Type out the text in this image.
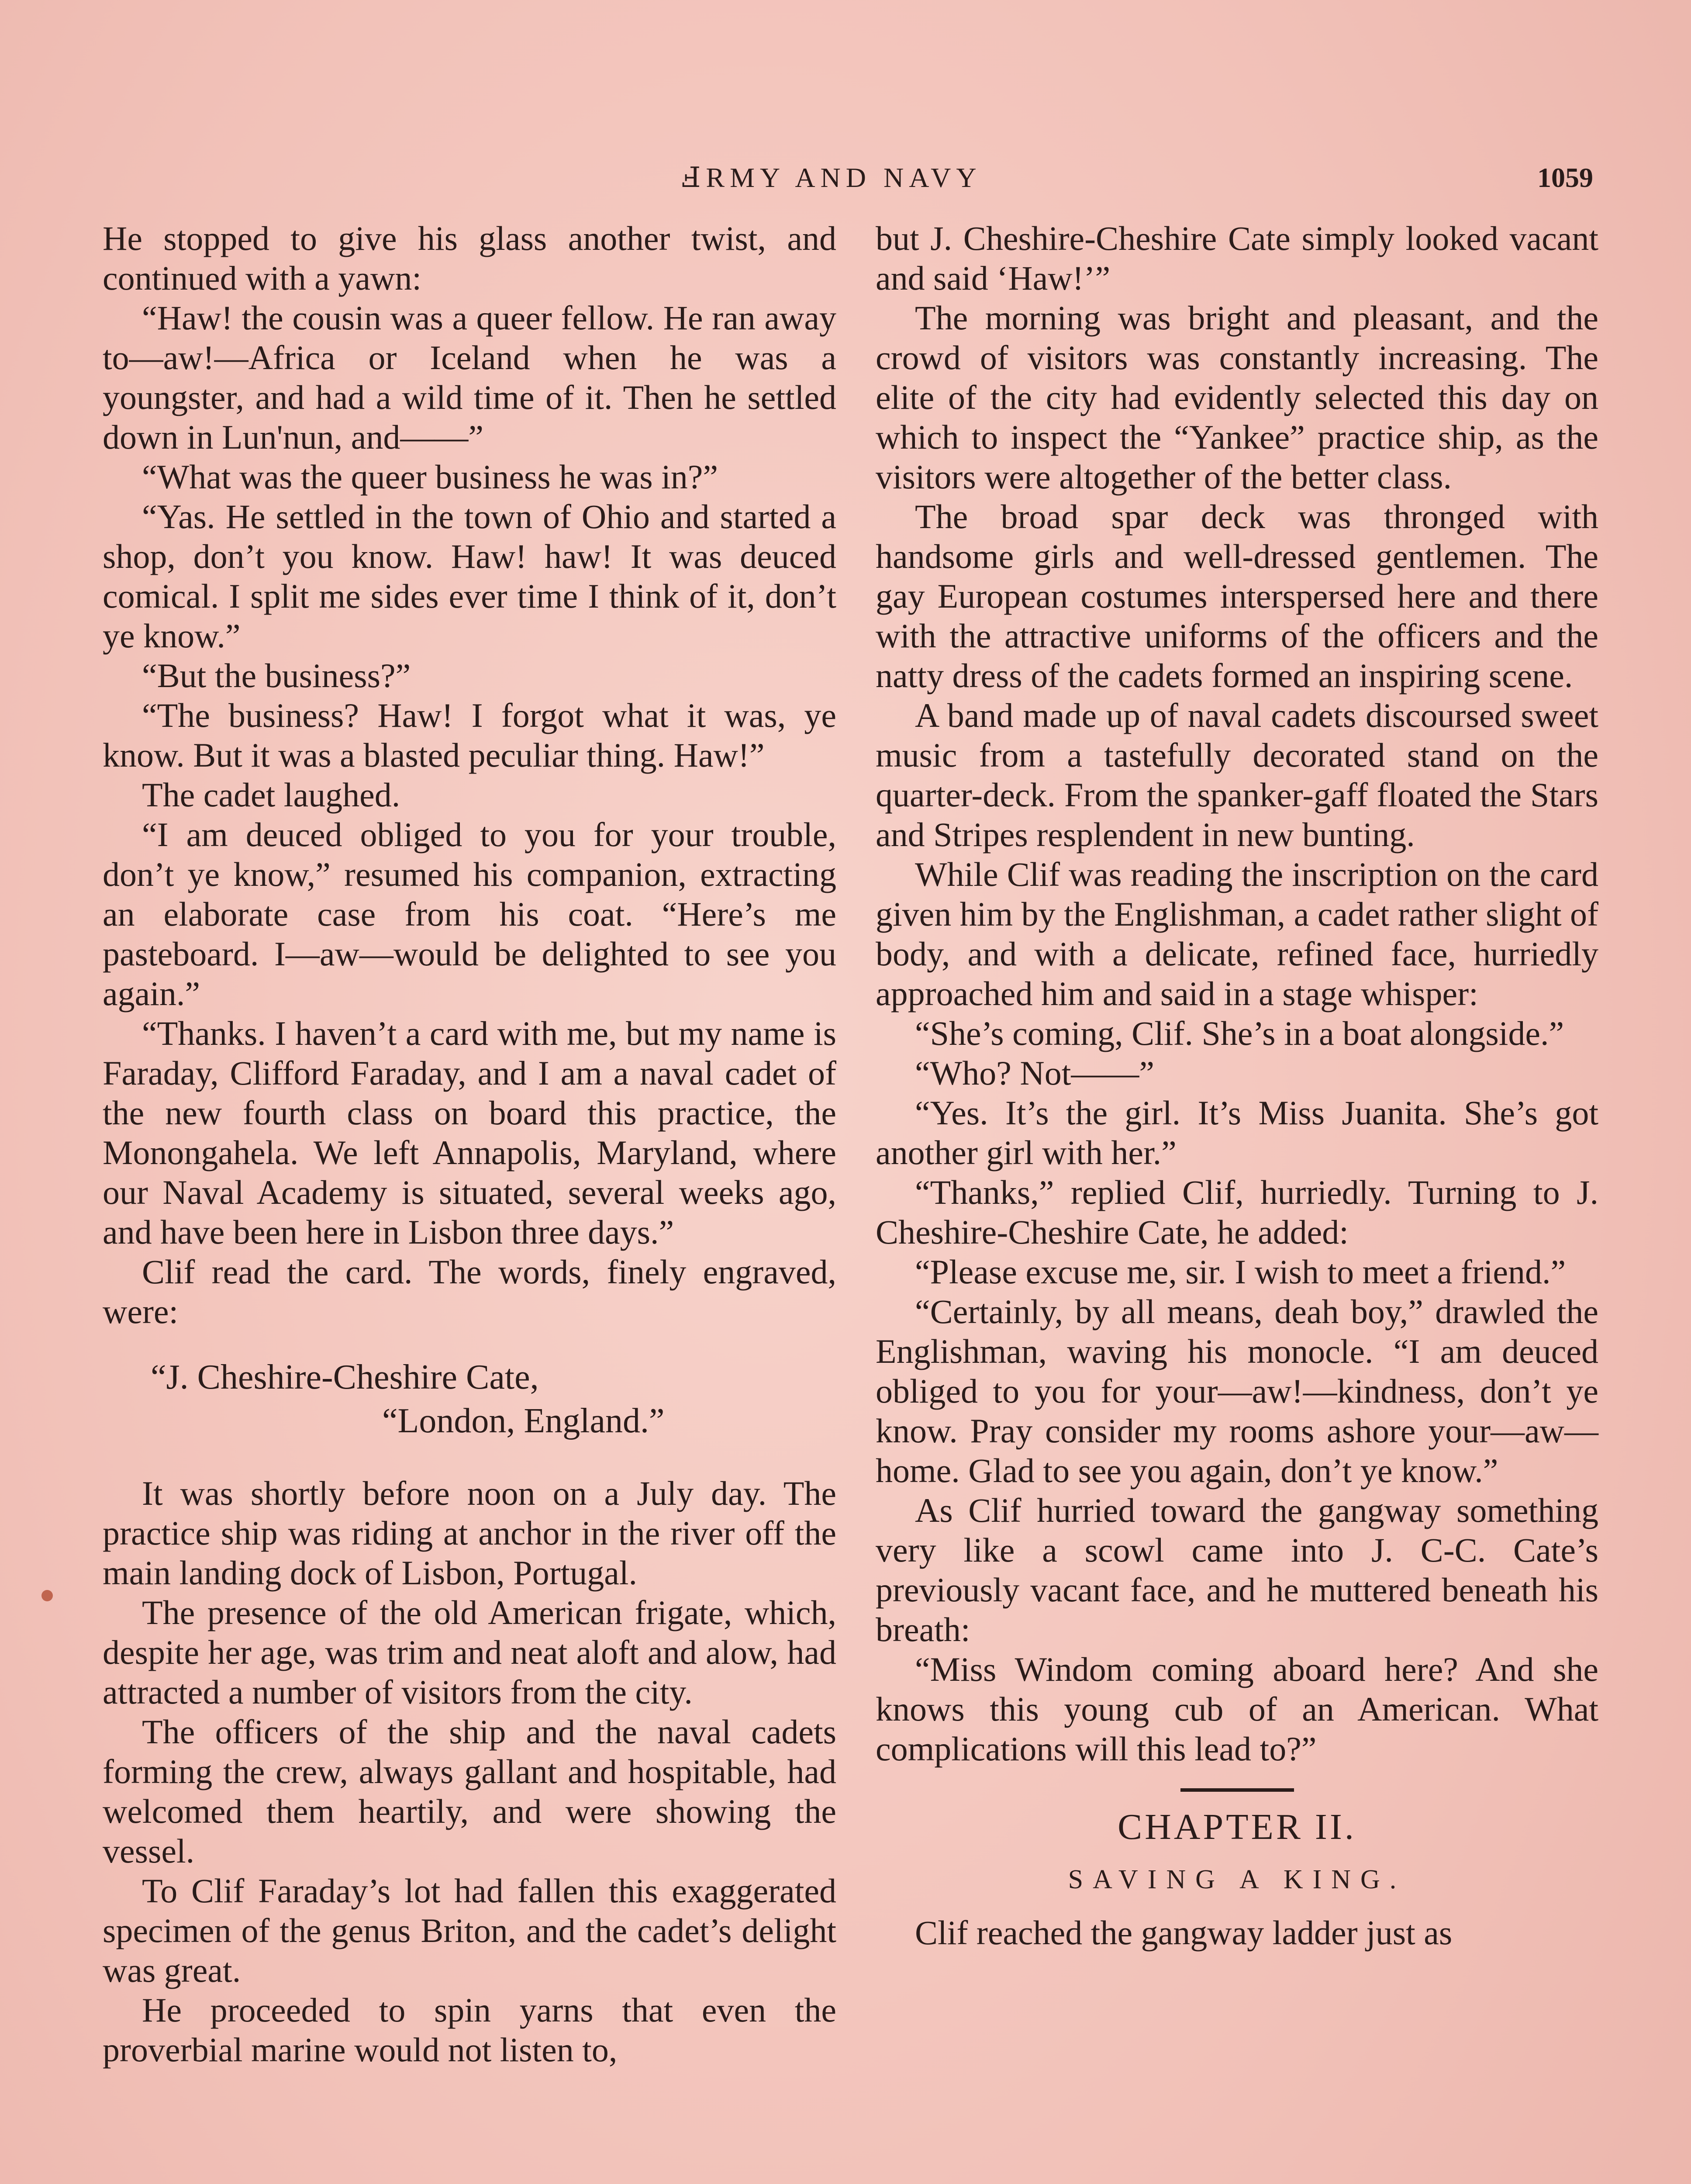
ℲRMY AND NAVY	1059

He stopped to give his glass another twist, and continued with a yawn:

“Haw! the cousin was a queer fellow. He ran away to—aw!—Africa or Iceland when he was a youngster, and had a wild time of it. Then he settled down in Lun'nun, and——”

“What was the queer business he was in?”

“Yas. He settled in the town of Ohio and started a shop, don’t you know. Haw! haw! It was deuced comical. I split me sides ever time I think of it, don’t ye know.”

“But the business?”

“The business? Haw! I forgot what it was, ye know. But it was a blasted peculiar thing. Haw!”

The cadet laughed.

“I am deuced obliged to you for your trouble, don’t ye know,” resumed his companion, extracting an elaborate case from his coat. “Here’s me pasteboard. I—aw—would be delighted to see you again.”

“Thanks. I haven’t a card with me, but my name is Faraday, Clifford Faraday, and I am a naval cadet of the new fourth class on board this practice, the Monongahela. We left Annapolis, Maryland, where our Naval Academy is situated, several weeks ago, and have been here in Lisbon three days.”

Clif read the card. The words, finely engraved, were:

“J. Cheshire-Cheshire Cate,
“London, England.”

It was shortly before noon on a July day. The practice ship was riding at anchor in the river off the main landing dock of Lisbon, Portugal.

The presence of the old American frigate, which, despite her age, was trim and neat aloft and alow, had attracted a number of visitors from the city.

The officers of the ship and the naval cadets forming the crew, always gallant and hospitable, had welcomed them heartily, and were showing the vessel.

To Clif Faraday’s lot had fallen this exaggerated specimen of the genus Briton, and the cadet’s delight was great.

He proceeded to spin yarns that even the proverbial marine would not listen to,

but J. Cheshire-Cheshire Cate simply looked vacant and said ‘Haw!’”

The morning was bright and pleasant, and the crowd of visitors was constantly increasing. The elite of the city had evidently selected this day on which to inspect the “Yankee” practice ship, as the visitors were altogether of the better class.

The broad spar deck was thronged with handsome girls and well-dressed gentlemen. The gay European costumes interspersed here and there with the attractive uniforms of the officers and the natty dress of the cadets formed an inspiring scene.

A band made up of naval cadets discoursed sweet music from a tastefully decorated stand on the quarter-deck. From the spanker-gaff floated the Stars and Stripes resplendent in new bunting.

While Clif was reading the inscription on the card given him by the Englishman, a cadet rather slight of body, and with a delicate, refined face, hurriedly approached him and said in a stage whisper:

“She’s coming, Clif. She’s in a boat alongside.”

“Who? Not——”

“Yes. It’s the girl. It’s Miss Juanita. She’s got another girl with her.”

“Thanks,” replied Clif, hurriedly. Turning to J. Cheshire-Cheshire Cate, he added:

“Please excuse me, sir. I wish to meet a friend.”

“Certainly, by all means, deah boy,” drawled the Englishman, waving his monocle. “I am deuced obliged to you for your—aw!—kindness, don’t ye know. Pray consider my rooms ashore your—aw—home. Glad to see you again, don’t ye know.”

As Clif hurried toward the gangway something very like a scowl came into J. C-C. Cate’s previously vacant face, and he muttered beneath his breath:

“Miss Windom coming aboard here? And she knows this young cub of an American. What complications will this lead to?”

CHAPTER II.
SAVING A KING.

Clif reached the gangway ladder just as
